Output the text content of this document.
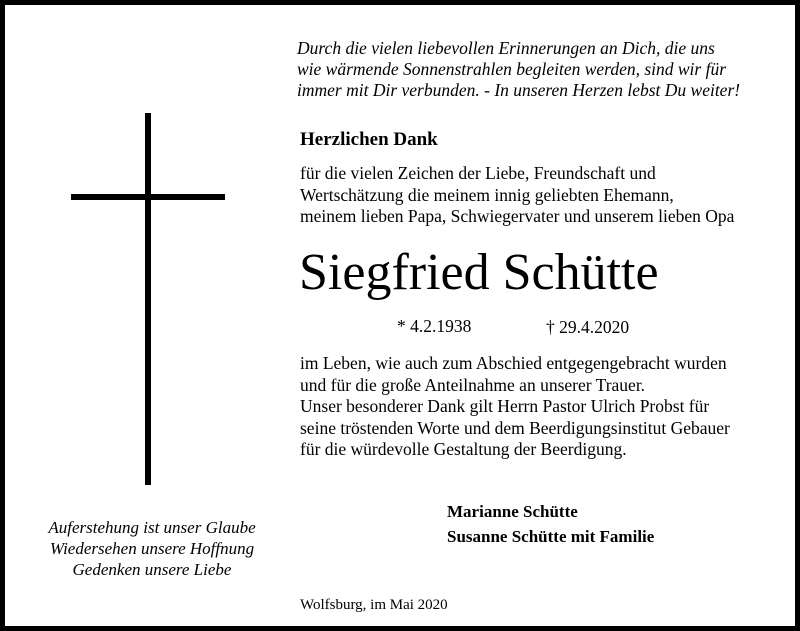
Durch die vielen liebevollen Erinnerungen an Dich, die uns
wie wärmende Sonnenstrahlen begleiten werden, sind wir für
immer mit Dir verbunden. - In unseren Herzen lebst Du weiter!
Herzlichen Dank
für die vielen Zeichen der Liebe, Freundschaft und
Wertschätzung die meinem innig geliebten Ehemann,
meinem lieben Papa, Schwiegervater und unserem lieben Opa
Siegfried Schütte
* 4.2.1938	† 29.4.2020
im Leben, wie auch zum Abschied entgegengebracht wurden
und für die große Anteilnahme an unserer Trauer.
Unser besonderer Dank gilt Herrn Pastor Ulrich Probst für
seine tröstenden Worte und dem Beerdigungsinstitut Gebauer
für die würdevolle Gestaltung der Beerdigung.
Marianne Schütte
Susanne Schütte mit Familie
Auferstehung ist unser Glaube
Wiedersehen unsere Hoffnung
Gedenken unsere Liebe
Wolfsburg, im Mai 2020
